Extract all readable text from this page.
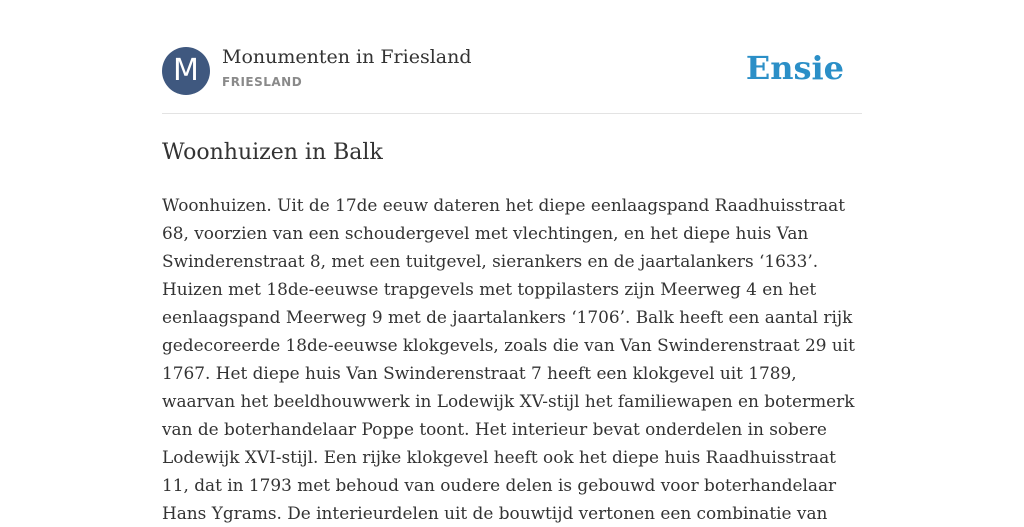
M	Monumenten in Friesland
FRIESLAND	Ensie
Woonhuizen in Balk

Woonhuizen. Uit de 17de eeuw dateren het diepe eenlaagspand Raadhuisstraat 68, voorzien van een schoudergevel met vlechtingen, en het diepe huis Van Swinderenstraat 8, met een tuitgevel, sierankers en de jaartalankers ‘1633’. Huizen met 18de-eeuwse trapgevels met toppilasters zijn Meerweg 4 en het eenlaagspand Meerweg 9 met de jaartalankers ‘1706’. Balk heeft een aantal rijk gedecoreerde 18de-eeuwse klokgevels, zoals die van Van Swinderenstraat 29 uit 1767. Het diepe huis Van Swinderenstraat 7 heeft een klokgevel uit 1789, waarvan het beeldhouwwerk in Lodewijk XV-stijl het familiewapen en botermerk van de boterhandelaar Poppe toont. Het interieur bevat onderdelen in sobere Lodewijk XVI-stijl. Een rijke klokgevel heeft ook het diepe huis Raadhuisstraat 11, dat in 1793 met behoud van oudere delen is gebouwd voor boterhandelaar Hans Ygrams. De interieurdelen uit de bouwtijd vertonen een combinatie van
